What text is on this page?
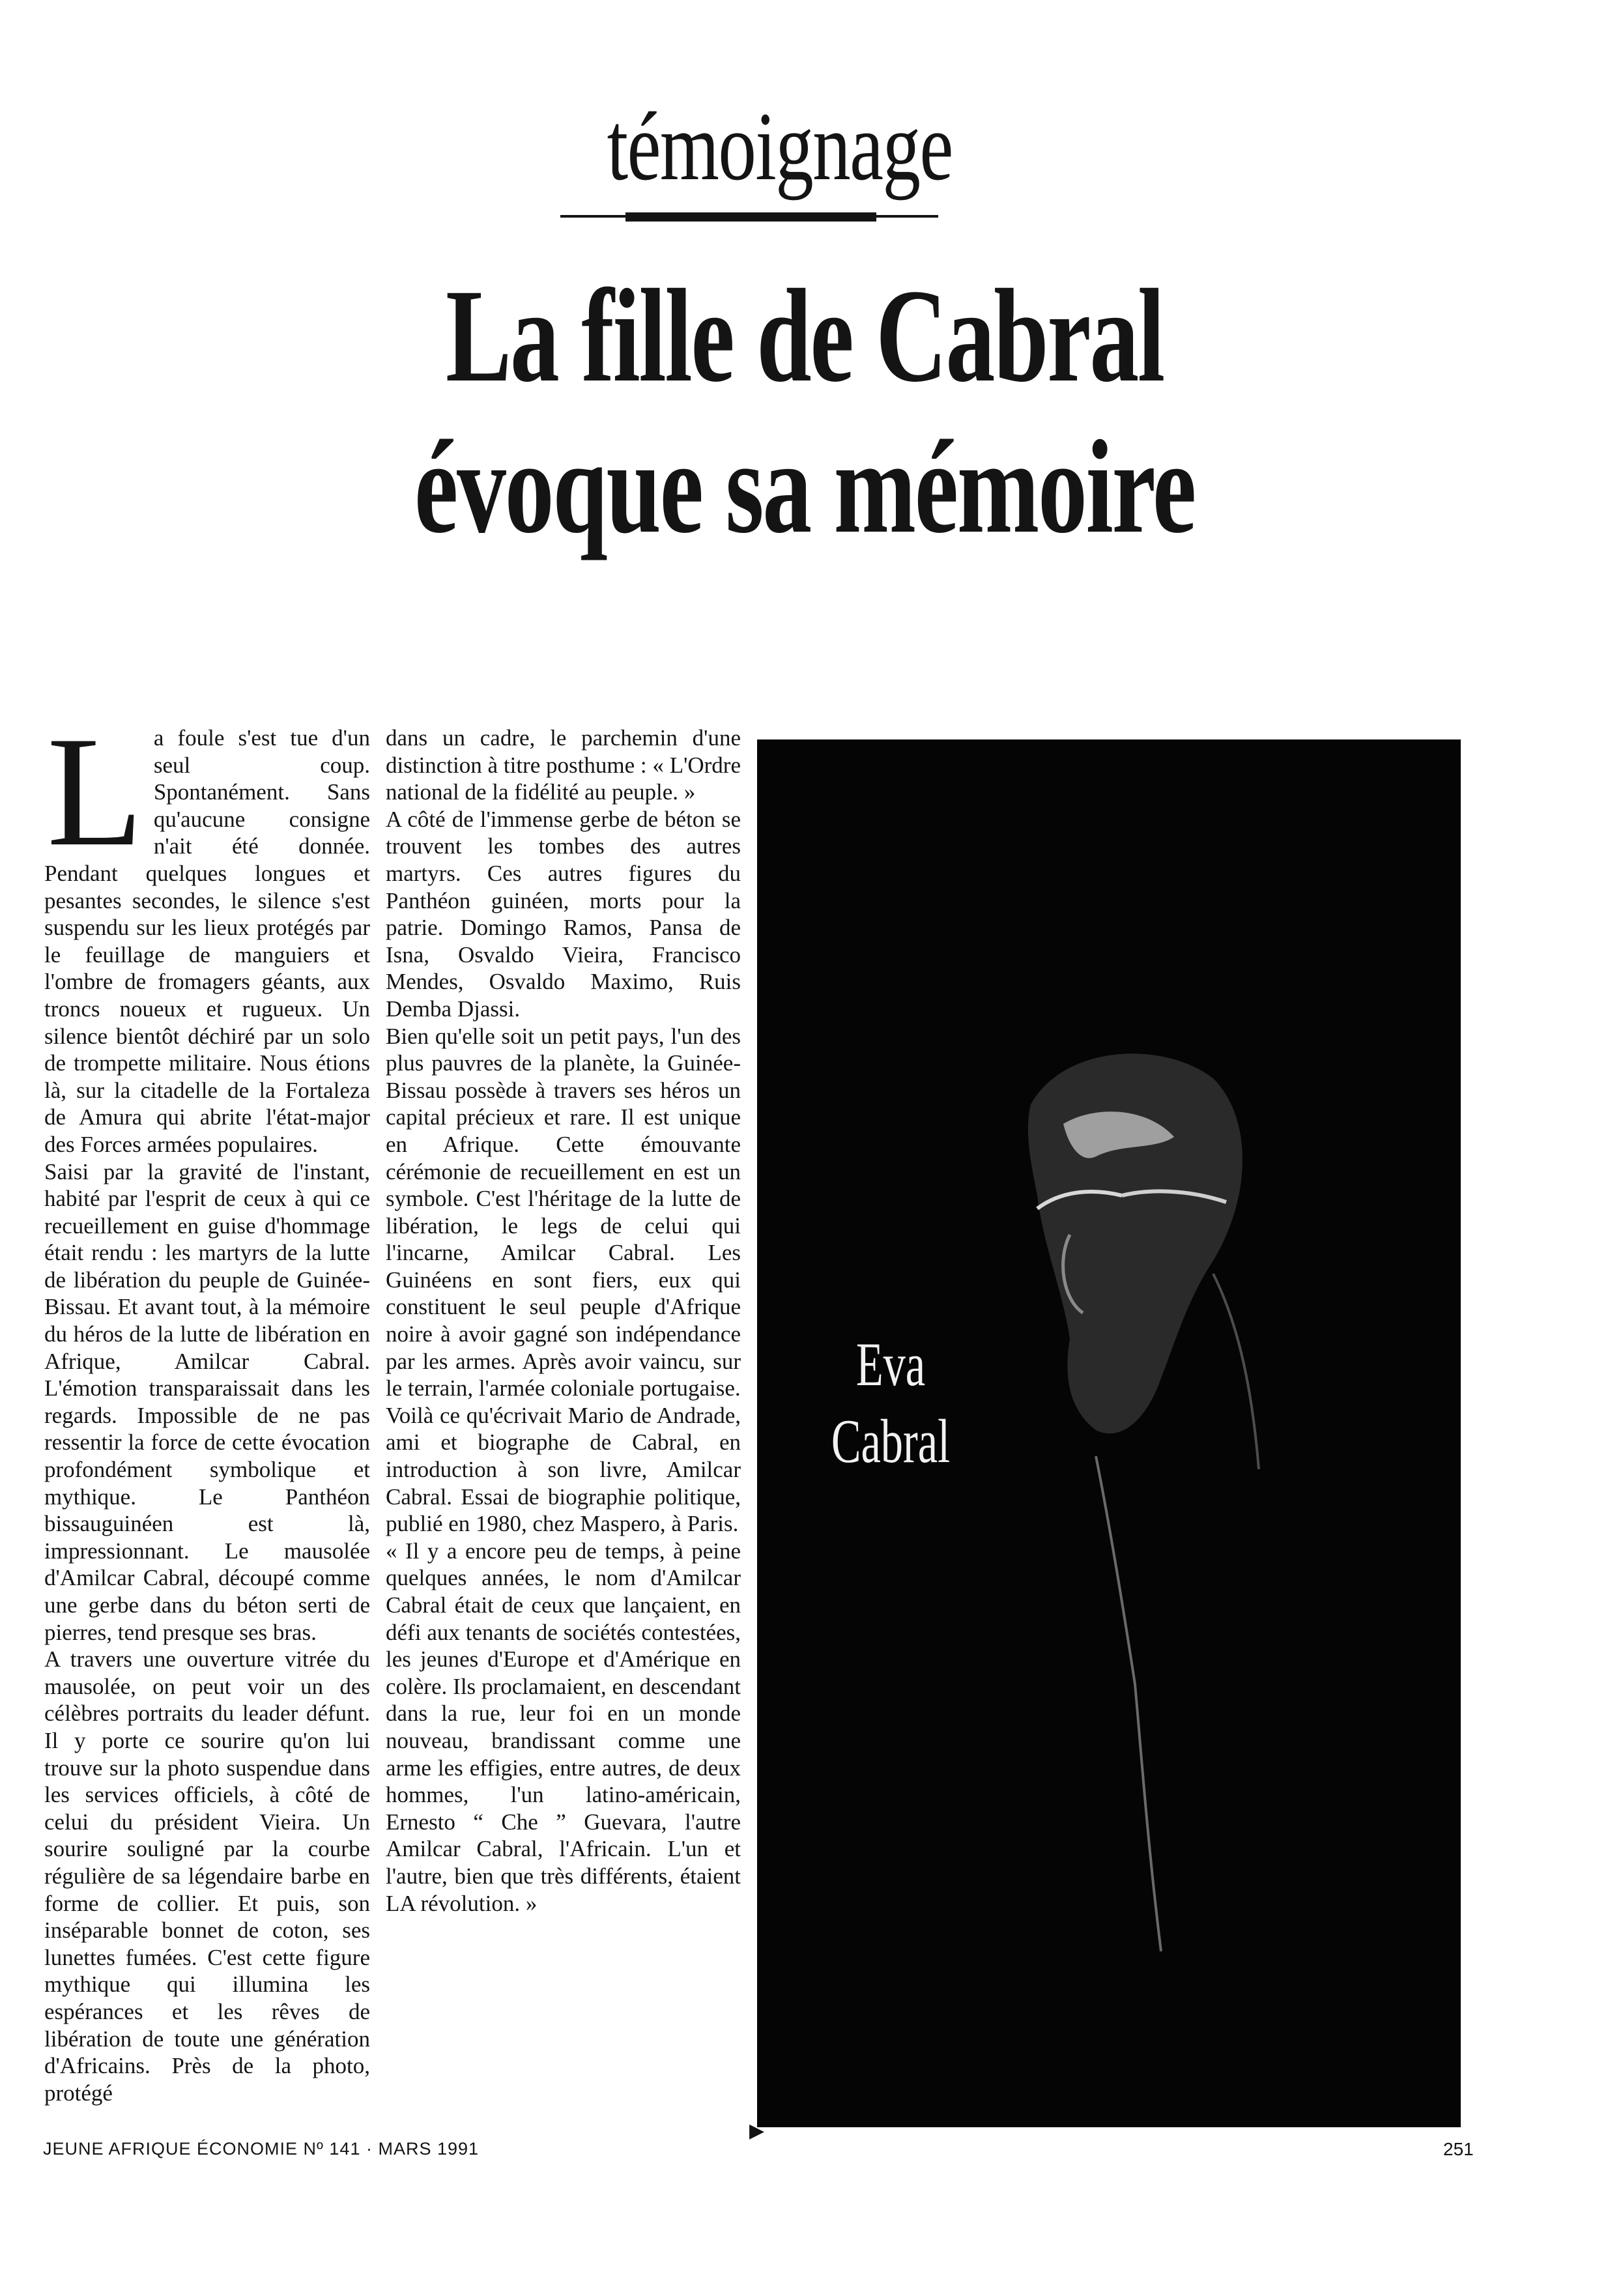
témoignage
La fille de Cabral
évoque sa mémoire
L a foule s'est tue d'un seul coup. Spontanément. Sans qu'aucune consigne n'ait été donnée. Pendant quelques longues et pesantes secondes, le silence s'est suspendu sur les lieux protégés par le feuillage de manguiers et l'ombre de fromagers géants, aux troncs noueux et rugueux. Un silence bientôt déchiré par un solo de trompette militaire. Nous étions là, sur la citadelle de la Fortaleza de Amura qui abrite l'état-major des Forces armées populaires.

Saisi par la gravité de l'instant, habité par l'esprit de ceux à qui ce recueillement en guise d'hommage était rendu : les martyrs de la lutte de libération du peuple de Guinée-Bissau. Et avant tout, à la mémoire du héros de la lutte de libération en Afrique, Amilcar Cabral. L'émotion transparaissait dans les regards. Impossible de ne pas ressentir la force de cette évocation profondément symbolique et mythique. Le Panthéon bissauguinéen est là, impressionnant. Le mausolée d'Amilcar Cabral, découpé comme une gerbe dans du béton serti de pierres, tend presque ses bras.

A travers une ouverture vitrée du mausolée, on peut voir un des célèbres portraits du leader défunt. Il y porte ce sourire qu'on lui trouve sur la photo suspendue dans les services officiels, à côté de celui du président Vieira. Un sourire souligné par la courbe régulière de sa légendaire barbe en forme de collier. Et puis, son inséparable bonnet de coton, ses lunettes fumées. C'est cette figure mythique qui illumina les espérances et les rêves de libération de toute une génération d'Africains. Près de la photo, protégé

dans un cadre, le parchemin d'une distinction à titre posthume : « L'Ordre national de la fidélité au peuple. »

A côté de l'immense gerbe de béton se trouvent les tombes des autres martyrs. Ces autres figures du Panthéon guinéen, morts pour la patrie. Domingo Ramos, Pansa de Isna, Osvaldo Vieira, Francisco Mendes, Osvaldo Maximo, Ruis Demba Djassi.

Bien qu'elle soit un petit pays, l'un des plus pauvres de la planète, la Guinée-Bissau possède à travers ses héros un capital précieux et rare. Il est unique en Afrique. Cette émouvante cérémonie de recueillement en est un symbole. C'est l'héritage de la lutte de libération, le legs de celui qui l'incarne, Amilcar Cabral. Les Guinéens en sont fiers, eux qui constituent le seul peuple d'Afrique noire à avoir gagné son indépendance par les armes. Après avoir vaincu, sur le terrain, l'armée coloniale portugaise.

Voilà ce qu'écrivait Mario de Andrade, ami et biographe de Cabral, en introduction à son livre, Amilcar Cabral. Essai de biographie politique, publié en 1980, chez Maspero, à Paris.

« Il y a encore peu de temps, à peine quelques années, le nom d'Amilcar Cabral était de ceux que lançaient, en défi aux tenants de sociétés contestées, les jeunes d'Europe et d'Amérique en colère. Ils proclamaient, en descendant dans la rue, leur foi en un monde nouveau, brandissant comme une arme les effigies, entre autres, de deux hommes, l'un latino-américain, Ernesto “ Che ” Guevara, l'autre Amilcar Cabral, l'Africain. L'un et l'autre, bien que très différents, étaient LA révolution. »

Eva
Cabral
▶
JEUNE AFRIQUE ÉCONOMIE Nº 141 · MARS 1991	251
